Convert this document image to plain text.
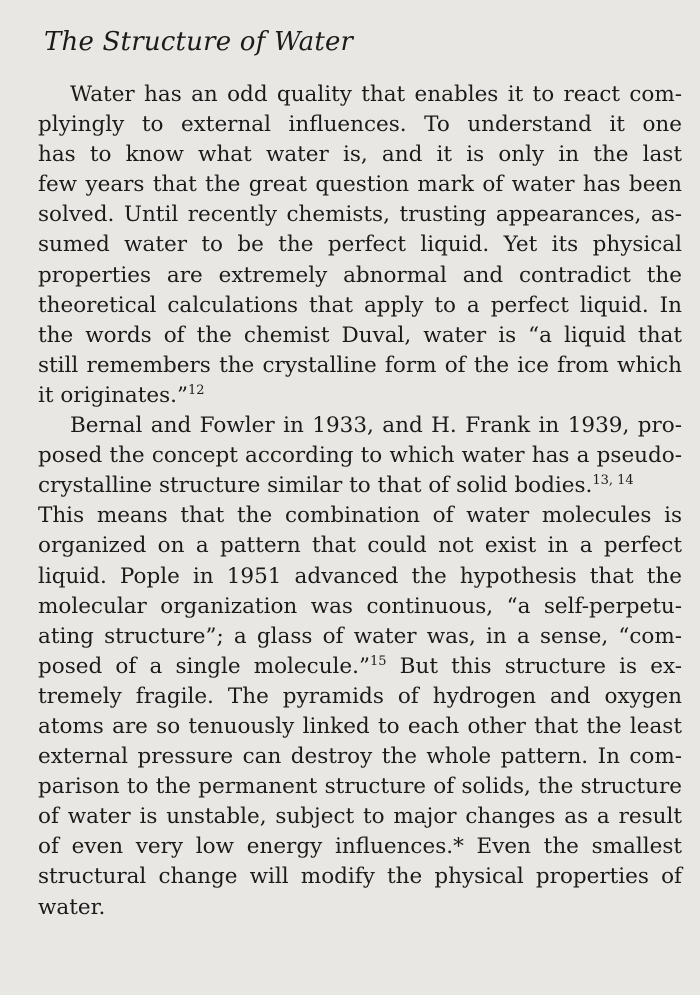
The Structure of Water

Water has an odd quality that enables it to react com-
plyingly to external influences. To understand it one
has to know what water is, and it is only in the last
few years that the great question mark of water has been
solved. Until recently chemists, trusting appearances, as-
sumed water to be the perfect liquid. Yet its physical
properties are extremely abnormal and contradict the
theoretical calculations that apply to a perfect liquid. In
the words of the chemist Duval, water is “a liquid that
still remembers the crystalline form of the ice from which
it originates.”$^{12}$

Bernal and Fowler in 1933, and H. Frank in 1939, pro-
posed the concept according to which water has a pseudo-
crystalline structure similar to that of solid bodies.$^{13, 14}$
This means that the combination of water molecules is
organized on a pattern that could not exist in a perfect
liquid. Pople in 1951 advanced the hypothesis that the
molecular organization was continuous, “a self-perpetu-
ating structure”; a glass of water was, in a sense, “com-
posed of a single molecule.”$^{15}$ But this structure is ex-
tremely fragile. The pyramids of hydrogen and oxygen
atoms are so tenuously linked to each other that the least
external pressure can destroy the whole pattern. In com-
parison to the permanent structure of solids, the structure
of water is unstable, subject to major changes as a result
of even very low energy influences.* Even the smallest
structural change will modify the physical properties of
water.
